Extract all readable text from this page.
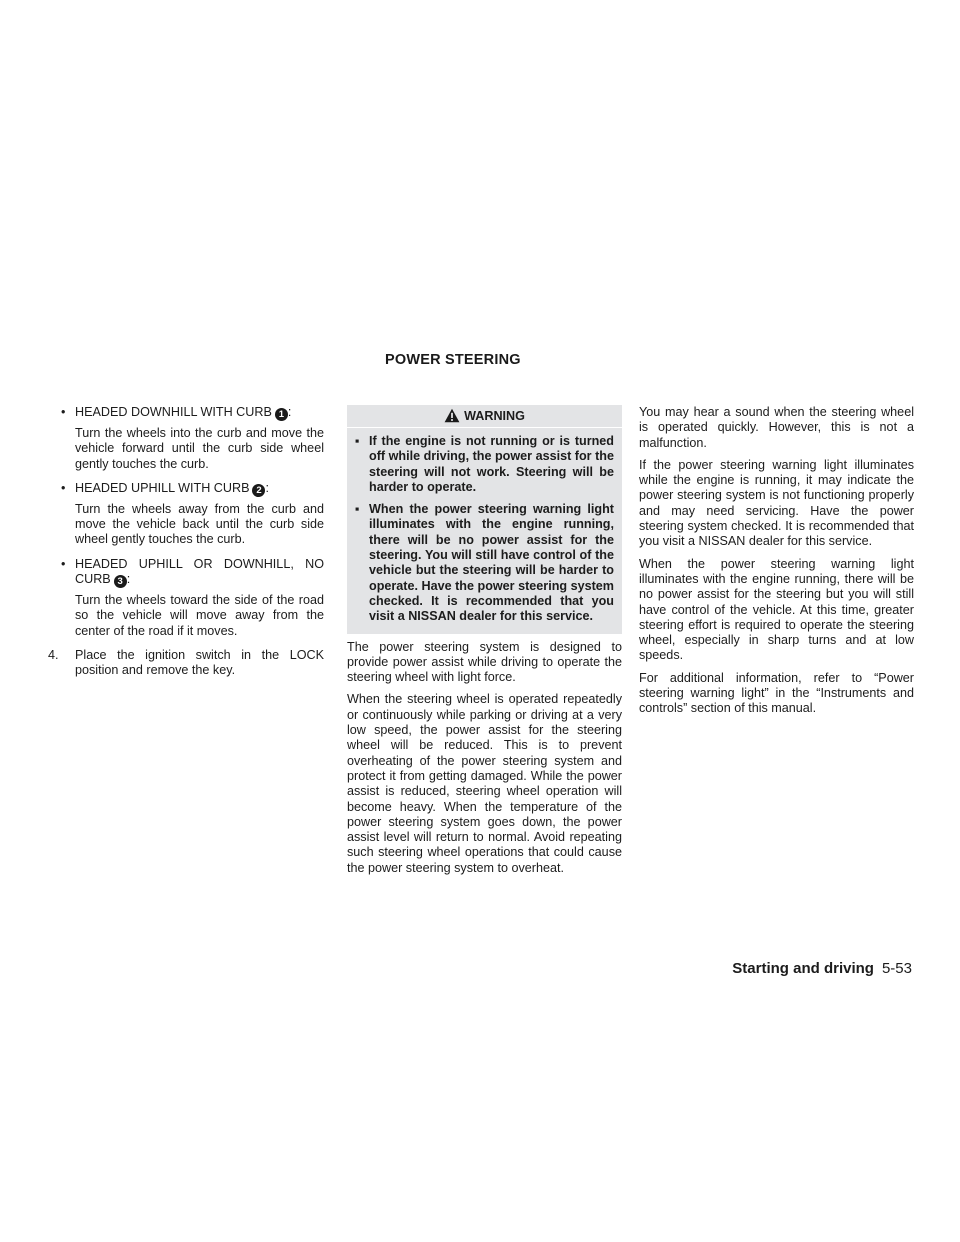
POWER STEERING
• HEADED DOWNHILL WITH CURB 1 :

Turn the wheels into the curb and move the vehicle forward until the curb side wheel gently touches the curb.

• HEADED UPHILL WITH CURB 2 :

Turn the wheels away from the curb and move the vehicle back until the curb side wheel gently touches the curb.

• HEADED UPHILL OR DOWNHILL, NO CURB 3 :

Turn the wheels toward the side of the road so the vehicle will move away from the center of the road if it moves.

4. Place the ignition switch in the LOCK position and remove the key.
WARNING
▪ If the engine is not running or is turned off while driving, the power assist for the steering will not work. Steering will be harder to operate.
▪ When the power steering warning light illuminates with the engine running, there will be no power assist for the steering. You will still have control of the vehicle but the steering will be harder to operate. Have the power steering system checked. It is recommended that you visit a NISSAN dealer for this service.

The power steering system is designed to provide power assist while driving to operate the steering wheel with light force.

When the steering wheel is operated repeatedly or continuously while parking or driving at a very low speed, the power assist for the steering wheel will be reduced. This is to prevent overheating of the power steering system and protect it from getting damaged. While the power assist is reduced, steering wheel operation will become heavy. When the temperature of the power steering system goes down, the power assist level will return to normal. Avoid repeating such steering wheel operations that could cause the power steering system to overheat.

You may hear a sound when the steering wheel is operated quickly. However, this is not a malfunction.

If the power steering warning light illuminates while the engine is running, it may indicate the power steering system is not functioning properly and may need servicing. Have the power steering system checked. It is recommended that you visit a NISSAN dealer for this service.

When the power steering warning light illuminates with the engine running, there will be no power assist for the steering but you will still have control of the vehicle. At this time, greater steering effort is required to operate the steering wheel, especially in sharp turns and at low speeds.

For additional information, refer to “Power steering warning light” in the “Instruments and controls” section of this manual.

Starting and driving 5-53
